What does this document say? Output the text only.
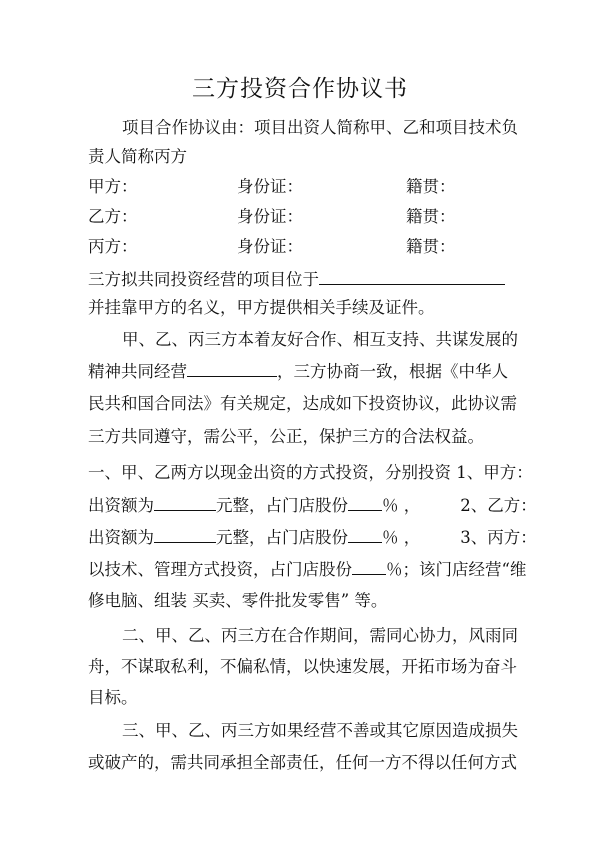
三方投资合作协议书
项目合作协议由：项目出资人简称甲、乙和项目技术负
责人简称丙方
甲方：	身份证：	籍贯：
乙方：	身份证：	籍贯：
丙方：	身份证：	籍贯：
三方拟共同投资经营的项目位于
并挂靠甲方的名义，甲方提供相关手续及证件。
甲、乙、丙三方本着友好合作、相互支持、共谋发展的
精神共同经营	，三方协商一致，根据《中华人
民共和国合同法》有关规定，达成如下投资协议，此协议需
三方共同遵守，需公平，公正，保护三方的合法权益。
一、甲、乙两方以现金出资的方式投资，分别投资 1、甲方：
出资额为	元整，占门店股份 ％ ， 2、乙方：
出资额为	元整，占门店股份 ％ ， 3、丙方：
以技术、管理方式投资，占门店股份 ％；该门店经营“维
修电脑、组装 买卖、零件批发零售” 等。
二、甲、乙、丙三方在合作期间，需同心协力，风雨同
舟，不谋取私利，不偏私情，以快速发展，开拓市场为奋斗
目标。
三、甲、乙、丙三方如果经营不善或其它原因造成损失
或破产的，需共同承担全部责任，任何一方不得以任何方式
